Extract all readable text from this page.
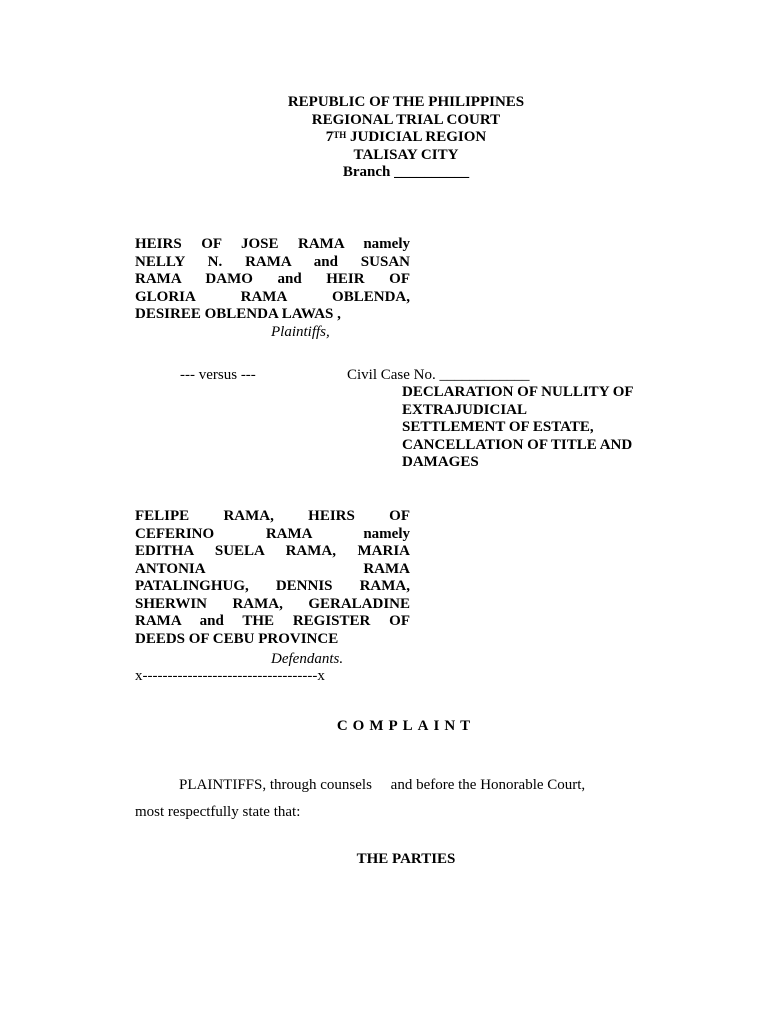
REPUBLIC OF THE PHILIPPINES
REGIONAL TRIAL COURT
7TH JUDICIAL REGION
TALISAY CITY
Branch __________
HEIRS OF JOSE RAMA namely
NELLY N. RAMA and SUSAN
RAMA DAMO and HEIR OF
GLORIA RAMA OBLENDA,
DESIREE OBLENDA LAWAS ,
Plaintiffs,
--- versus ---	Civil Case No. ____________
DECLARATION OF NULLITY OF
EXTRAJUDICIAL
SETTLEMENT OF ESTATE,
CANCELLATION OF TITLE AND
DAMAGES
FELIPE RAMA, HEIRS OF
CEFERINO RAMA namely
EDITHA SUELA RAMA, MARIA
ANTONIA RAMA
PATALINGHUG, DENNIS RAMA,
SHERWIN RAMA, GERALADINE
RAMA and THE REGISTER OF
DEEDS OF CEBU PROVINCE
Defendants.
x-----------------------------------x
COMPLAINT
PLAINTIFFS, through counsels     and before the Honorable Court,
most respectfully state that:
THE PARTIES
